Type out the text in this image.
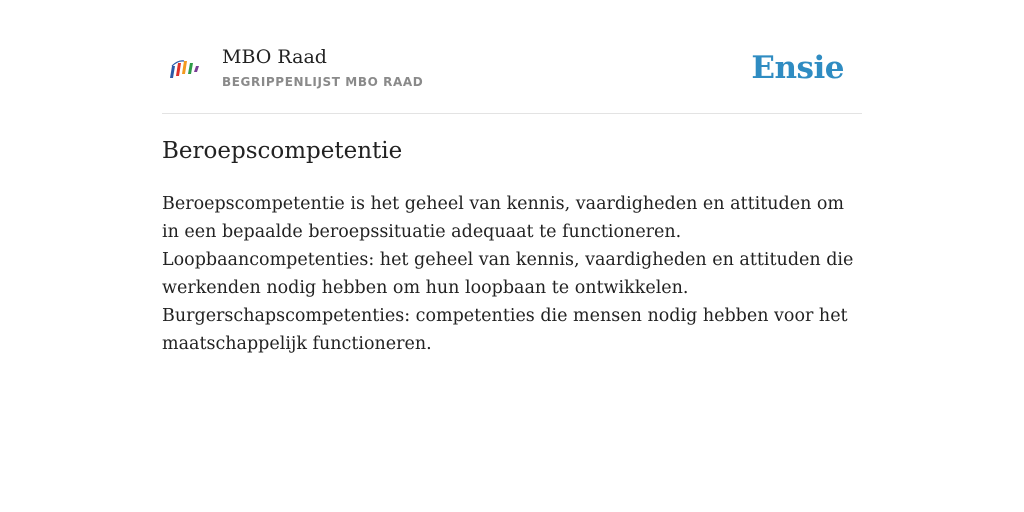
MBO Raad
BEGRIPPENLIJST MBO RAAD	Ensie
Beroepscompetentie

Beroepscompetentie is het geheel van kennis, vaardigheden en attituden om in een bepaalde beroepssituatie adequaat te functioneren. Loopbaancompetenties: het geheel van kennis, vaardigheden en attituden die werkenden nodig hebben om hun loopbaan te ontwikkelen. Burgerschapscompetenties: competenties die mensen nodig hebben voor het maatschappelijk functioneren.
